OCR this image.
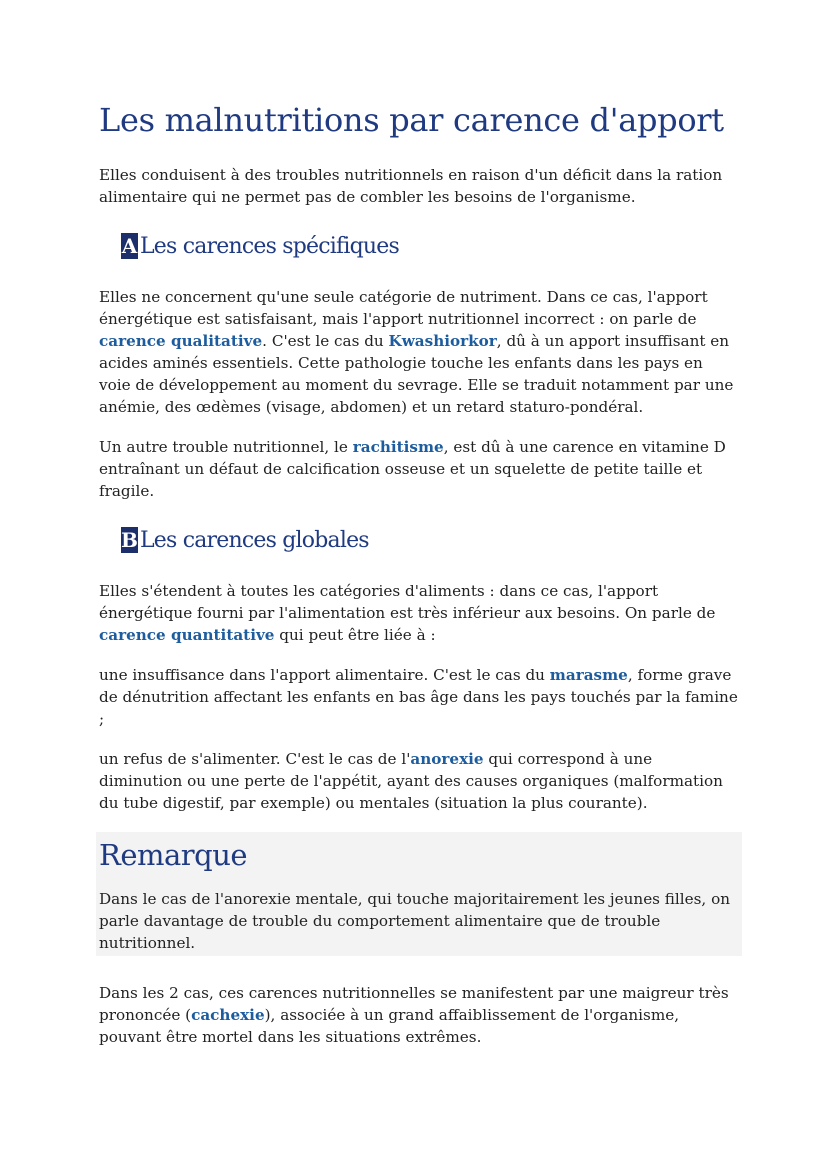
Les malnutritions par carence d'apport

Elles conduisent à des troubles nutritionnels en raison d'un déficit dans la ration alimentaire qui ne permet pas de combler les besoins de l'organisme.

A Les carences spécifiques

Elles ne concernent qu'une seule catégorie de nutriment. Dans ce cas, l'apport énergétique est satisfaisant, mais l'apport nutritionnel incorrect : on parle de carence qualitative. C'est le cas du Kwashiorkor, dû à un apport insuffisant en acides aminés essentiels. Cette pathologie touche les enfants dans les pays en voie de développement au moment du sevrage. Elle se traduit notamment par une anémie, des œdèmes (visage, abdomen) et un retard staturo-pondéral.

Un autre trouble nutritionnel, le rachitisme, est dû à une carence en vitamine D entraînant un défaut de calcification osseuse et un squelette de petite taille et fragile.

B Les carences globales

Elles s'étendent à toutes les catégories d'aliments : dans ce cas, l'apport énergétique fourni par l'alimentation est très inférieur aux besoins. On parle de carence quantitative qui peut être liée à :

une insuffisance dans l'apport alimentaire. C'est le cas du marasme, forme grave de dénutrition affectant les enfants en bas âge dans les pays touchés par la famine ;

un refus de s'alimenter. C'est le cas de l'anorexie qui correspond à une diminution ou une perte de l'appétit, ayant des causes organiques (malformation du tube digestif, par exemple) ou mentales (situation la plus courante).

Remarque

Dans le cas de l'anorexie mentale, qui touche majoritairement les jeunes filles, on parle davantage de trouble du comportement alimentaire que de trouble nutritionnel.

Dans les 2 cas, ces carences nutritionnelles se manifestent par une maigreur très prononcée (cachexie), associée à un grand affaiblissement de l'organisme, pouvant être mortel dans les situations extrêmes.
